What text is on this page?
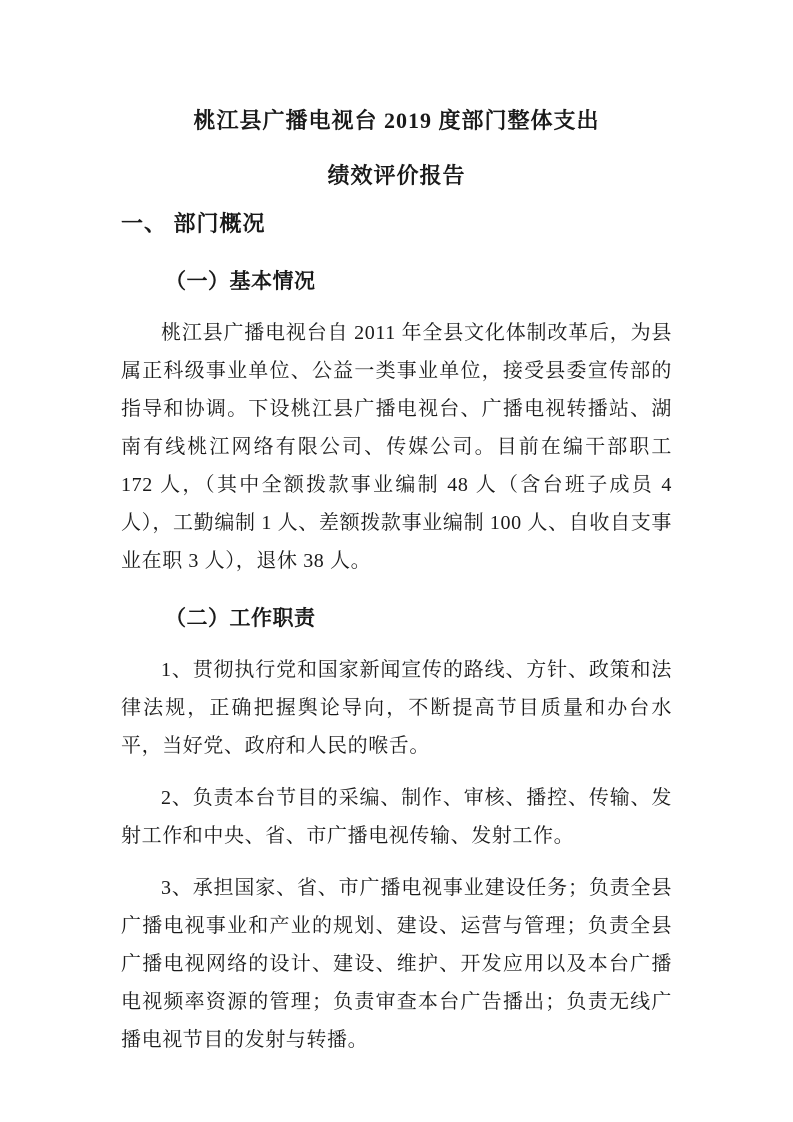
桃江县广播电视台 2019 度部门整体支出
绩效评价报告
一、 部门概况
（一）基本情况

桃江县广播电视台自 2011 年全县文化体制改革后，为县属正科级事业单位、公益一类事业单位，接受县委宣传部的指导和协调。下设桃江县广播电视台、广播电视转播站、湖南有线桃江网络有限公司、传媒公司。目前在编干部职工 172 人，（其中全额拨款事业编制 48 人（含台班子成员 4 人），工勤编制 1 人、差额拨款事业编制 100 人、自收自支事业在职 3 人），退休 38 人。

（二）工作职责

1、贯彻执行党和国家新闻宣传的路线、方针、政策和法律法规，正确把握舆论导向，不断提高节目质量和办台水平，当好党、政府和人民的喉舌。

2、负责本台节目的采编、制作、审核、播控、传输、发射工作和中央、省、市广播电视传输、发射工作。

3、承担国家、省、市广播电视事业建设任务；负责全县广播电视事业和产业的规划、建设、运营与管理；负责全县广播电视网络的设计、建设、维护、开发应用以及本台广播电视频率资源的管理；负责审查本台广告播出；负责无线广播电视节目的发射与转播。
